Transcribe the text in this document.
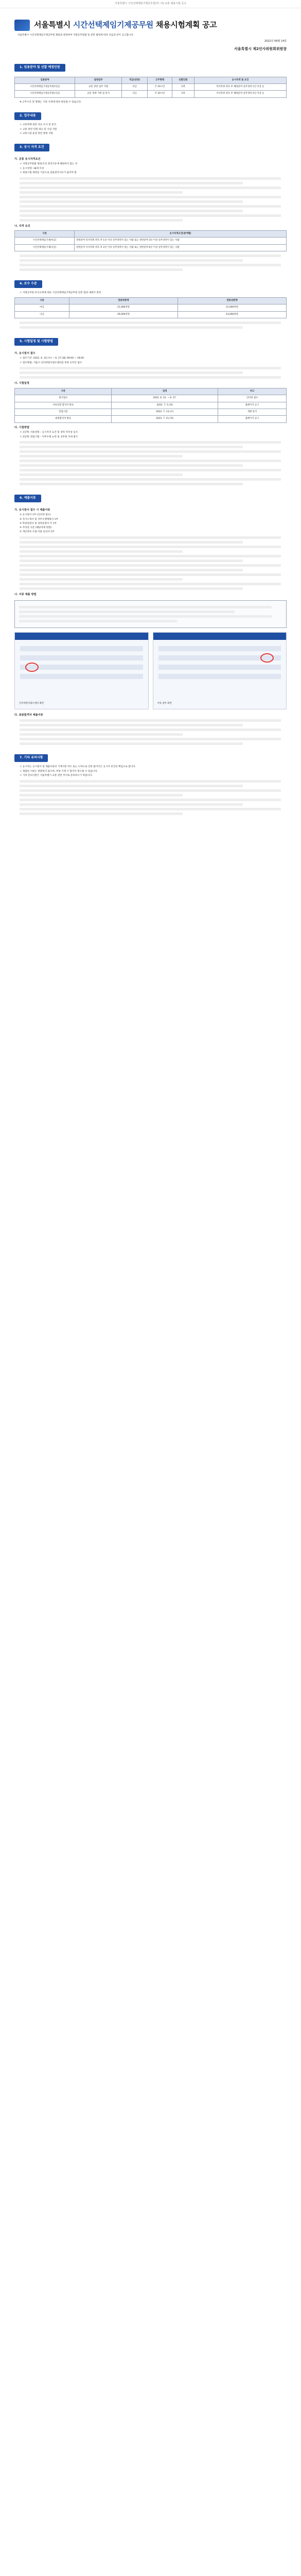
서울특별시 시간선택제임기제공무원(마. 다) 교통 채용시험 공고
서울특별시 시간선택제임기제공무원 채용시험계획 공고
서울특별시 시간선택제임기제공무원 채용과 관련하여 지방공무원법 및 관련 법령에 따라 다음과 같이 공고합니다.
2022년 06월 14일
서울특별시 제2인사위원회위원장
1. 임용분야 및 선발 예정인원
임용분야	담당업무	직급(상당)	근무형태	선발인원	응시자격 및 요건
시간선택제임기제공무원(마급)	교통 관련 업무 지원	마급	주 20시간	1명	학사학위 취득 후 해당분야 실무경력 1년 이상 등
시간선택제임기제공무원(다급)	교통 정책 기획 및 분석	다급	주 20시간	1명	석사학위 취득 후 해당분야 실무경력 2년 이상 등
※ 근무시간 및 형태는 기관 사정에 따라 변동될 수 있습니다.
2. 업무내용
ㅇ 교통정책 관련 자료 조사 및 분석
ㅇ 교통 관련 민원 대응 및 사업 지원
ㅇ 교통시설 운영 관련 행정 지원
3. 응시 자격 요건
가. 공통 응시자격요건
ㅇ 지방공무원법 제31조의 결격사유에 해당하지 않는 자
ㅇ 응시연령: 18세 이상
ㅇ 최종시험 예정일 기준으로 임용결격사유가 없어야 함
나. 자격 요건
구분	응시자격요건(분야별)
시간선택제임기제(마급)	관련분야 학사학위 취득 후 1년 이상 실무경력이 있는 사람 또는 관련분야 3년 이상 실무경력이 있는 사람
시간선택제임기제(다급)	관련분야 석사학위 취득 후 2년 이상 실무경력이 있는 사람 또는 관련분야 6년 이상 실무경력이 있는 사람
4. 보수 수준
ㅇ 지방공무원 보수규정에 따른 시간선택제임기제공무원 연봉 범위 내에서 결정
구분	연봉하한액	연봉상한액
마급	21,000천원	31,000천원
다급	29,000천원	43,000천원
5. 시험일정 및 시험방법
가. 응시원서 접수
ㅇ 접수기간: 2022. 6. 22.(수) ~ 6. 27.(월) 09:00 ~ 18:00
ㅇ 접수방법: 서울시 인터넷원서접수센터를 통한 온라인 접수
나. 시험일정
구분	일정	비고
원서접수	2022. 6. 22. ~ 6. 27.	인터넷 접수
서류전형 합격자 발표	2022. 7. 5.(화)	홈페이지 공고
면접시험	2022. 7. 13.(수)	개별 통지
최종합격자 발표	2022. 7. 21.(목)	홈페이지 공고
다. 시험방법
ㅇ 1단계: 서류전형 – 응시자격 요건 및 경력 적격성 심사
ㅇ 2단계: 면접시험 – 직무수행 능력 및 공무원 자세 평가
6. 제출서류
가. 응시원서 접수 시 제출서류
① 응시원서 1부 (인터넷 접수)
② 자기소개서 및 직무수행계획서 1부
③ 학위증명서 및 경력증명서 각 1부
④ 자격증 사본 (해당자에 한함)
⑤ 개인정보 수집·이용 동의서 1부
나. 서류 제출 방법
인터넷원서접수센터 화면	서류 첨부 화면
다. 최종합격자 제출서류
7. 기타 유의사항
ㅇ 응시자는 응시원서 및 제출서류의 기재사항 착오 또는 누락으로 인한 불이익은 응시자 본인의 책임으로 합니다.
ㅇ 제출된 서류는 반환하지 않으며, 허위 기재 시 합격이 취소될 수 있습니다.
ㅇ 기타 문의사항은 서울특별시 교통 관련 부서로 문의하시기 바랍니다.
